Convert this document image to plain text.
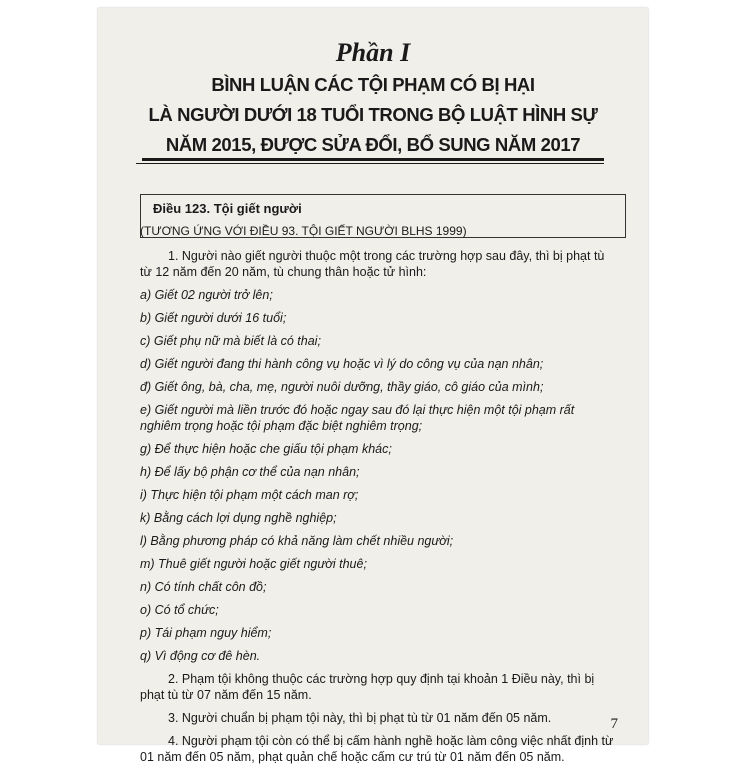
Phần I
BÌNH LUẬN CÁC TỘI PHẠM CÓ BỊ HẠI
LÀ NGƯỜI DƯỚI 18 TUỔI TRONG BỘ LUẬT HÌNH SỰ
NĂM 2015, ĐƯỢC SỬA ĐỔI, BỔ SUNG NĂM 2017
Điều 123. Tội giết người
(TƯƠNG ỨNG VỚI ĐIỀU 93. TỘI GIẾT NGƯỜI BLHS 1999)

1. Người nào giết người thuộc một trong các trường hợp sau đây, thì bị phạt tù từ 12 năm đến 20 năm, tù chung thân hoặc tử hình:

a) Giết 02 người trở lên;

b) Giết người dưới 16 tuổi;

c) Giết phụ nữ mà biết là có thai;

d) Giết người đang thi hành công vụ hoặc vì lý do công vụ của nạn nhân;

đ) Giết ông, bà, cha, mẹ, người nuôi dưỡng, thầy giáo, cô giáo của mình;

e) Giết người mà liền trước đó hoặc ngay sau đó lại thực hiện một tội phạm rất nghiêm trọng hoặc tội phạm đặc biệt nghiêm trọng;

g) Để thực hiện hoặc che giấu tội phạm khác;

h) Để lấy bộ phận cơ thể của nạn nhân;

i) Thực hiện tội phạm một cách man rợ;

k) Bằng cách lợi dụng nghề nghiệp;

l) Bằng phương pháp có khả năng làm chết nhiều người;

m) Thuê giết người hoặc giết người thuê;

n) Có tính chất côn đồ;

o) Có tổ chức;

p) Tái phạm nguy hiểm;

q) Vì động cơ đê hèn.

2. Phạm tội không thuộc các trường hợp quy định tại khoản 1 Điều này, thì bị phạt tù từ 07 năm đến 15 năm.

3. Người chuẩn bị phạm tội này, thì bị phạt tù từ 01 năm đến 05 năm.

4. Người phạm tội còn có thể bị cấm hành nghề hoặc làm công việc nhất định từ 01 năm đến 05 năm, phạt quản chế hoặc cấm cư trú từ 01 năm đến 05 năm.

7
